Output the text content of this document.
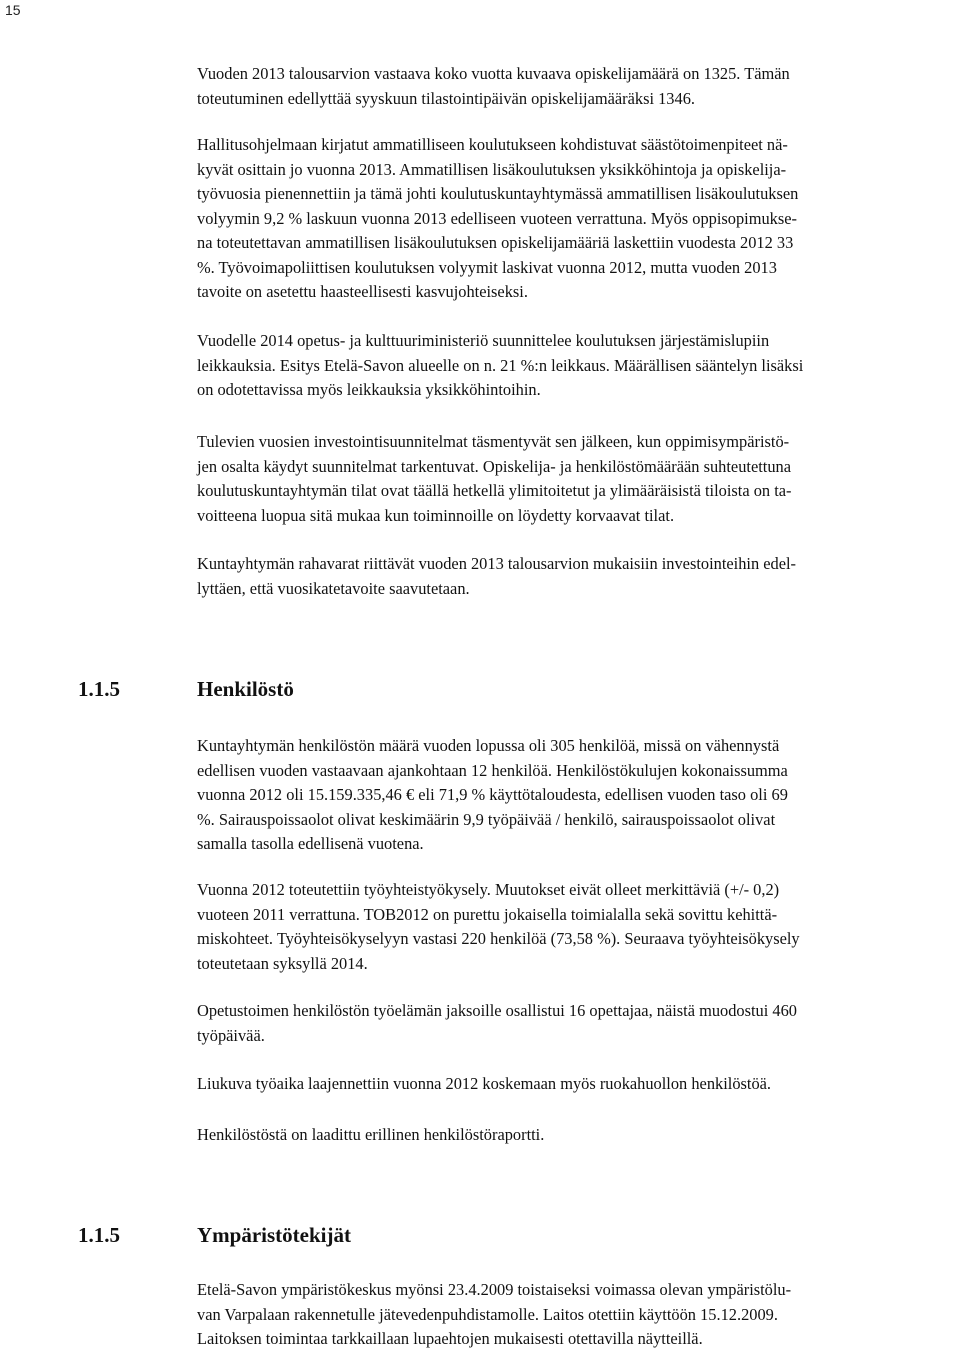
15

Vuoden 2013 talousarvion vastaava koko vuotta kuvaava opiskelijamäärä on 1325. Tämän
toteutuminen edellyttää syyskuun tilastointipäivän opiskelijamääräksi 1346.

Hallitusohjelmaan kirjatut ammatilliseen koulutukseen kohdistuvat säästötoimenpiteet nä-
kyvät osittain jo vuonna 2013. Ammatillisen lisäkoulutuksen yksikköhintoja ja opiskelija-
työvuosia pienennettiin ja tämä johti koulutuskuntayhtymässä ammatillisen lisäkoulutuksen
volyymin 9,2 % laskuun vuonna 2013 edelliseen vuoteen verrattuna. Myös oppisopimukse-
na toteutettavan ammatillisen lisäkoulutuksen opiskelijamääriä laskettiin vuodesta 2012 33
%. Työvoimapoliittisen koulutuksen volyymit laskivat vuonna 2012, mutta vuoden 2013
tavoite on asetettu haasteellisesti kasvujohteiseksi.

Vuodelle 2014 opetus- ja kulttuuriministeriö suunnittelee koulutuksen järjestämislupiin
leikkauksia. Esitys Etelä-Savon alueelle on n. 21 %:n leikkaus. Määrällisen sääntelyn lisäksi
on odotettavissa myös leikkauksia yksikköhintoihin.

Tulevien vuosien investointisuunnitelmat täsmentyvät sen jälkeen, kun oppimisympäristö-
jen osalta käydyt suunnitelmat tarkentuvat. Opiskelija- ja henkilöstömäärään suhteutettuna
koulutuskuntayhtymän tilat ovat täällä hetkellä ylimitoitetut ja ylimääräisistä tiloista on ta-
voitteena luopua sitä mukaa kun toiminnoille on löydetty korvaavat tilat.

Kuntayhtymän rahavarat riittävät vuoden 2013 talousarvion mukaisiin investointeihin edel-
lyttäen, että vuosikatetavoite saavutetaan.

1.1.5	Henkilöstö

Kuntayhtymän henkilöstön määrä vuoden lopussa oli 305 henkilöä, missä on vähennystä
edellisen vuoden vastaavaan ajankohtaan 12 henkilöä. Henkilöstökulujen kokonaissumma
vuonna 2012 oli 15.159.335,46 € eli 71,9 % käyttötaloudesta, edellisen vuoden taso oli 69
%. Sairauspoissaolot olivat keskimäärin 9,9 työpäivää / henkilö, sairauspoissaolot olivat
samalla tasolla edellisenä vuotena.

Vuonna 2012 toteutettiin työyhteistyökysely. Muutokset eivät olleet merkittäviä (+/- 0,2)
vuoteen 2011 verrattuna. TOB2012 on purettu jokaisella toimialalla sekä sovittu kehittä-
miskohteet. Työyhteisökyselyyn vastasi 220 henkilöä (73,58 %). Seuraava työyhteisökysely
toteutetaan syksyllä 2014.

Opetustoimen henkilöstön työelämän jaksoille osallistui 16 opettajaa, näistä muodostui 460
työpäivää.

Liukuva työaika laajennettiin vuonna 2012 koskemaan myös ruokahuollon henkilöstöä.

Henkilöstöstä on laadittu erillinen henkilöstöraportti.

1.1.5	Ympäristötekijät

Etelä-Savon ympäristökeskus myönsi 23.4.2009 toistaiseksi voimassa olevan ympäristölu-
van Varpalaan rakennetulle jätevedenpuhdistamolle. Laitos otettiin käyttöön 15.12.2009.
Laitoksen toimintaa tarkkaillaan lupaehtojen mukaisesti otettavilla näytteillä.
